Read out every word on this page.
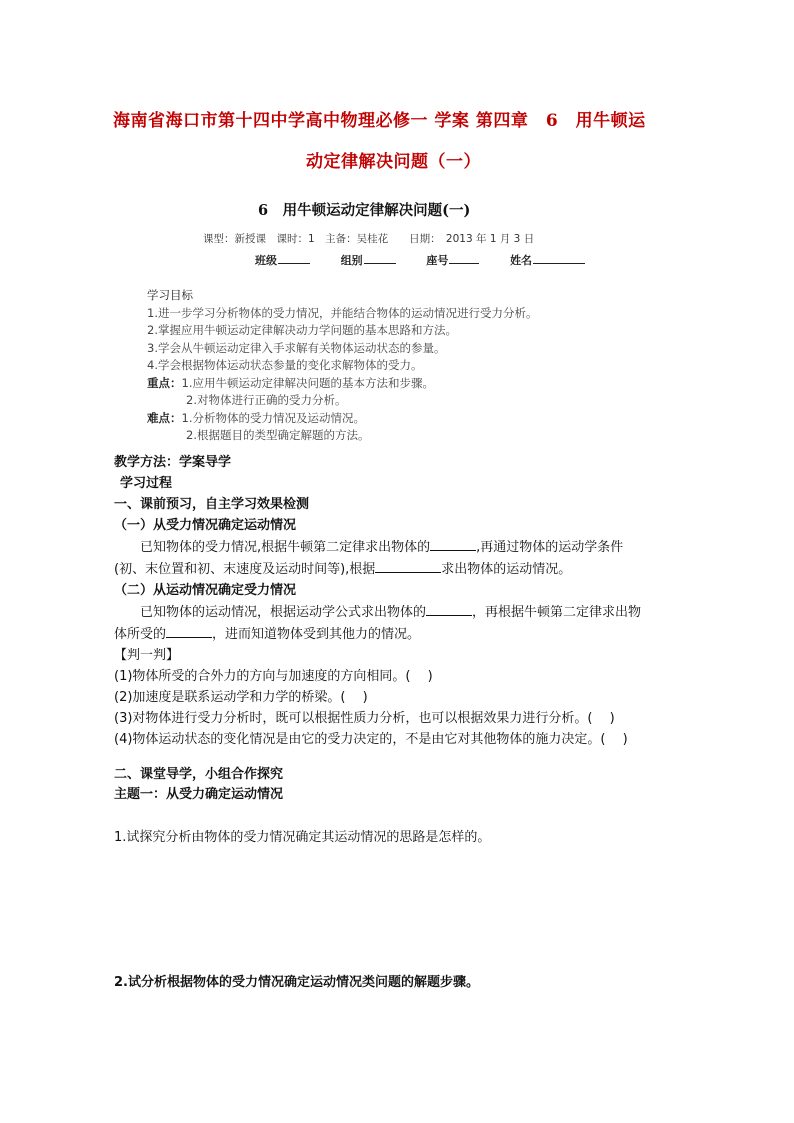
海南省海口市第十四中学高中物理必修一 学案 第四章　6　用牛顿运
动定律解决问题（一）
6　用牛顿运动定律解决问题(一)
课型：新授课　课时：1　主备：吴桂花　　日期：　2013 年 1 月 3 日
班级	组别	座号	姓名
学习目标
1.进一步学习分析物体的受力情况，并能结合物体的运动情况进行受力分析。
2.掌握应用牛顿运动定律解决动力学问题的基本思路和方法。
3.学会从牛顿运动定律入手求解有关物体运动状态的参量。
4.学会根据物体运动状态参量的变化求解物体的受力。
重点：1.应用牛顿运动定律解决问题的基本方法和步骤。
2.对物体进行正确的受力分析。
难点：1.分析物体的受力情况及运动情况。
2.根据题目的类型确定解题的方法。
教学方法：学案导学
学习过程
一、课前预习，自主学习效果检测
（一）从受力情况确定运动情况
已知物体的受力情况,根据牛顿第二定律求出物体的	,再通过物体的运动学条件
(初、末位置和初、末速度及运动时间等),根据	求出物体的运动情况。
（二）从运动情况确定受力情况
已知物体的运动情况，根据运动学公式求出物体的	，再根据牛顿第二定律求出物
体所受的	，进而知道物体受到其他力的情况。
【判一判】
(1)物体所受的合外力的方向与加速度的方向相同。(　 )
(2)加速度是联系运动学和力学的桥梁。(　 )
(3)对物体进行受力分析时，既可以根据性质力分析，也可以根据效果力进行分析。(　 )
(4)物体运动状态的变化情况是由它的受力决定的，不是由它对其他物体的施力决定。(　 )
二、课堂导学，小组合作探究
主题一：从受力确定运动情况
1.试探究分析由物体的受力情况确定其运动情况的思路是怎样的。
2.试分析根据物体的受力情况确定运动情况类问题的解题步骤。
